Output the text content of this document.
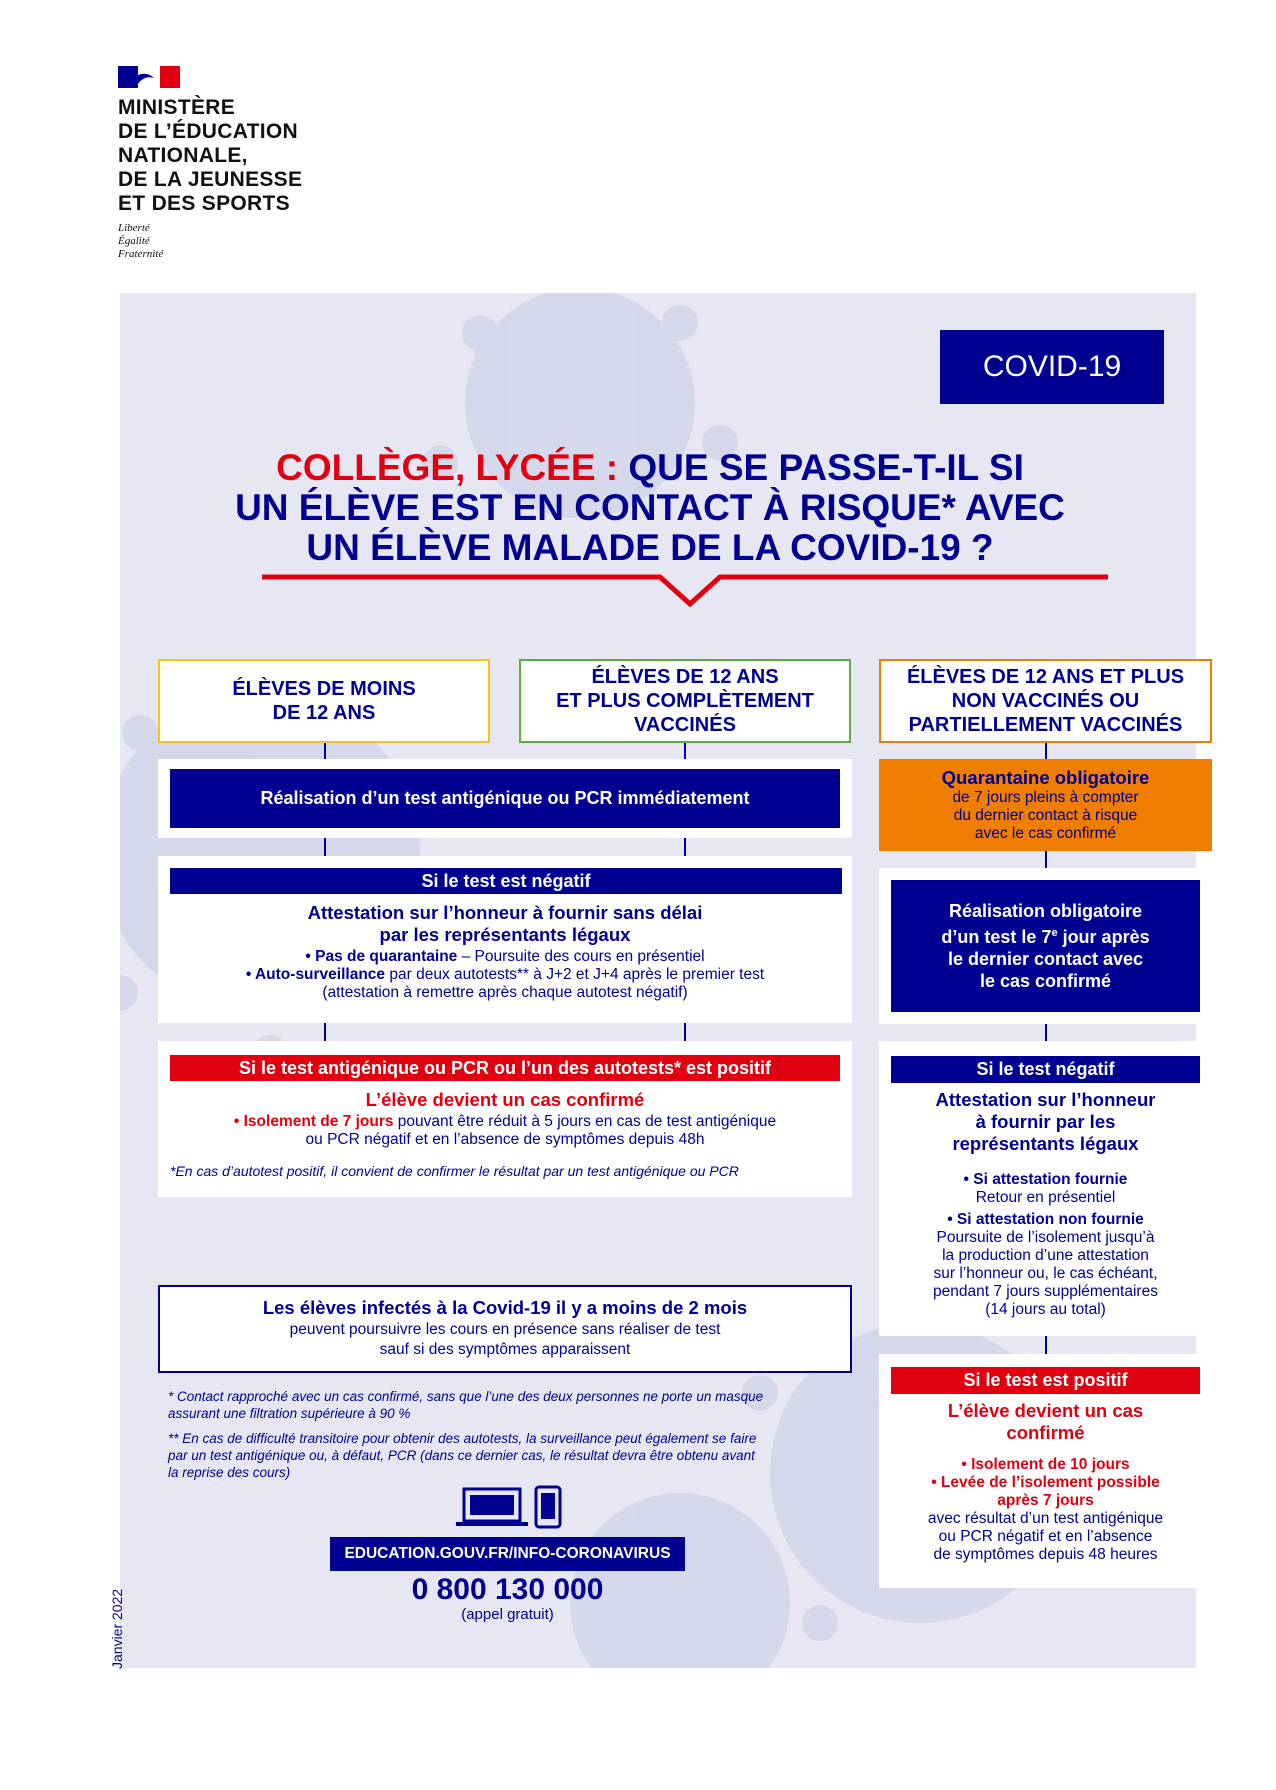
MINISTÈRE
DE L’ÉDUCATION
NATIONALE,
DE LA JEUNESSE
ET DES SPORTS
Liberté
Égalité
Fraternité
COVID-19
COLLÈGE, LYCÉE : QUE SE PASSE-T-IL SI
UN ÉLÈVE EST EN CONTACT À RISQUE* AVEC
UN ÉLÈVE MALADE DE LA COVID-19 ?
ÉLÈVES DE MOINS
DE 12 ANS
ÉLÈVES DE 12 ANS
ET PLUS COMPLÈTEMENT
VACCINÉS
ÉLÈVES DE 12 ANS ET PLUS
NON VACCINÉS OU
PARTIELLEMENT VACCINÉS
Réalisation d’un test antigénique ou PCR immédiatement
Si le test est négatif
Attestation sur l’honneur à fournir sans délai
par les représentants légaux
• Pas de quarantaine – Poursuite des cours en présentiel
• Auto-surveillance par deux autotests** à J+2 et J+4 après le premier test
(attestation à remettre après chaque autotest négatif)
Si le test antigénique ou PCR ou l’un des autotests* est positif
L’élève devient un cas confirmé
• Isolement de 7 jours pouvant être réduit à 5 jours en cas de test antigénique
ou PCR négatif et en l’absence de symptômes depuis 48h
*En cas d’autotest positif, il convient de confirmer le résultat par un test antigénique ou PCR
Les élèves infectés à la Covid-19 il y a moins de 2 mois
peuvent poursuivre les cours en présence sans réaliser de test
sauf si des symptômes apparaissent
* Contact rapproché avec un cas confirmé, sans que l’une des deux personnes ne porte un masque
assurant une filtration supérieure à 90 %
** En cas de difficulté transitoire pour obtenir des autotests, la surveillance peut également se faire
par un test antigénique ou, à défaut, PCR (dans ce dernier cas, le résultat devra être obtenu avant
la reprise des cours)
EDUCATION.GOUV.FR/INFO-CORONAVIRUS
0 800 130 000
(appel gratuit)
Janvier 2022
Quarantaine obligatoire
de 7 jours pleins à compter
du dernier contact à risque
avec le cas confirmé
Réalisation obligatoire
d’un test le 7e jour après
le dernier contact avec
le cas confirmé
Si le test négatif
Attestation sur l’honneur
à fournir par les
représentants légaux
• Si attestation fournie
Retour en présentiel
• Si attestation non fournie
Poursuite de l’isolement jusqu’à
la production d’une attestation
sur l’honneur ou, le cas échéant,
pendant 7 jours supplémentaires
(14 jours au total)
Si le test est positif
L’élève devient un cas
confirmé
• Isolement de 10 jours
• Levée de l’isolement possible
après 7 jours
avec résultat d’un test antigénique
ou PCR négatif et en l’absence
de symptômes depuis 48 heures
